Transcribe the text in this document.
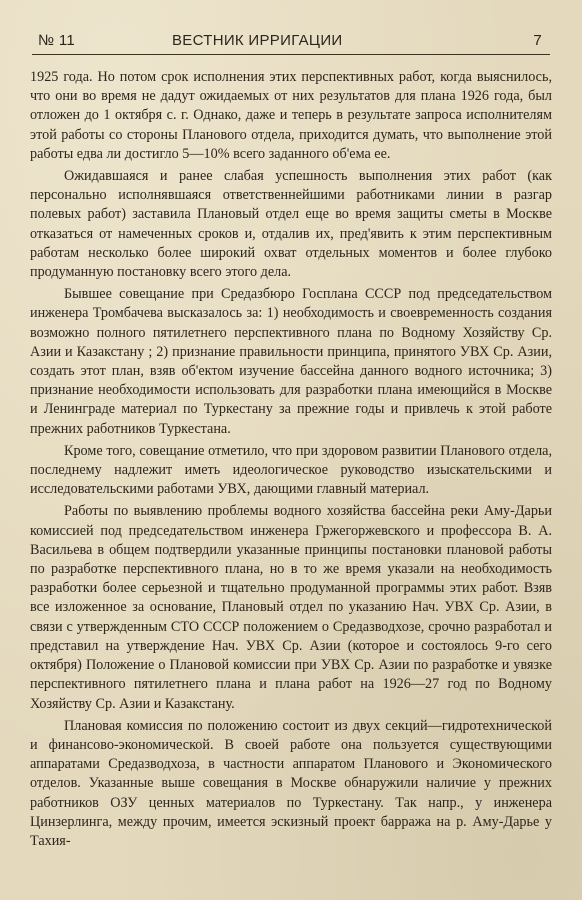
№ 11	ВЕСТНИК ИРРИГАЦИИ	7

1925 года. Но потом срок исполнения этих перспективных работ, когда выяснилось, что они во время не дадут ожидаемых от них результатов для плана 1926 года, был отложен до 1 октября с. г. Однако, даже и теперь в результате запроса исполнителям этой работы со стороны Планового отдела, приходится думать, что выполнение этой работы едва ли достигло 5—10% всего заданного об'ема ее.

Ожидавшаяся и ранее слабая успешность выполнения этих работ (как персонально исполнявшаяся ответственнейшими работниками линии в разгар полевых работ) заставила Плановый отдел еще во время защиты сметы в Москве отказаться от намеченных сроков и, отдалив их, пред'явить к этим перспективным работам несколько более широкий охват отдельных моментов и более глубоко продуманную постановку всего этого дела.

Бывшее совещание при Средазбюро Госплана СССР под председательством инженера Тромбачева высказалось за: 1) необходимость и своевременность создания возможно полного пятилетнего перспективного плана по Водному Хозяйству Ср. Азии и Казакстану ; 2) признание правильности принципа, принятого УВХ Ср. Азии, создать этот план, взяв об'ектом изучение бассейна данного водного источника; 3) признание необходимости использовать для разработки плана имеющийся в Москве и Ленинграде материал по Туркестану за прежние годы и привлечь к этой работе прежних работников Туркестана.

Кроме того, совещание отметило, что при здоровом развитии Планового отдела, последнему надлежит иметь идеологическое руководство изыскательскими и исследовательскими работами УВХ, дающими главный материал.

Работы по выявлению проблемы водного хозяйства бассейна реки Аму-Дарьи комиссией под председательством инженера Гржегоржевского и профессора В. А. Васильева в общем подтвердили указанные принципы постановки плановой работы по разработке перспективного плана, но в то же время указали на необходимость разработки более серьезной и тщательно продуманной программы этих работ. Взяв все изложенное за основание, Плановый отдел по указанию Нач. УВХ Ср. Азии, в связи с утвержденным СТО СССР положением о Средазводхозе, срочно разработал и представил на утверждение Нач. УВХ Ср. Азии (которое и состоялось 9-го сего октября) Положение о Плановой комиссии при УВХ Ср. Азии по разработке и увязке перспективного пятилетнего плана и плана работ на 1926—27 год по Водному Хозяйству Ср. Азии и Казакстану.

Плановая комиссия по положению состоит из двух секций—гидротехнической и финансово-экономической. В своей работе она пользуется существующими аппаратами Средазводхоза, в частности аппаратом Планового и Экономического отделов. Указанные выше совещания в Москве обнаружили наличие у прежних работников ОЗУ ценных материалов по Туркестану. Так напр., у инженера Цинзерлинга, между прочим, имеется эскизный проект барража на р. Аму-Дарье у Тахия-
